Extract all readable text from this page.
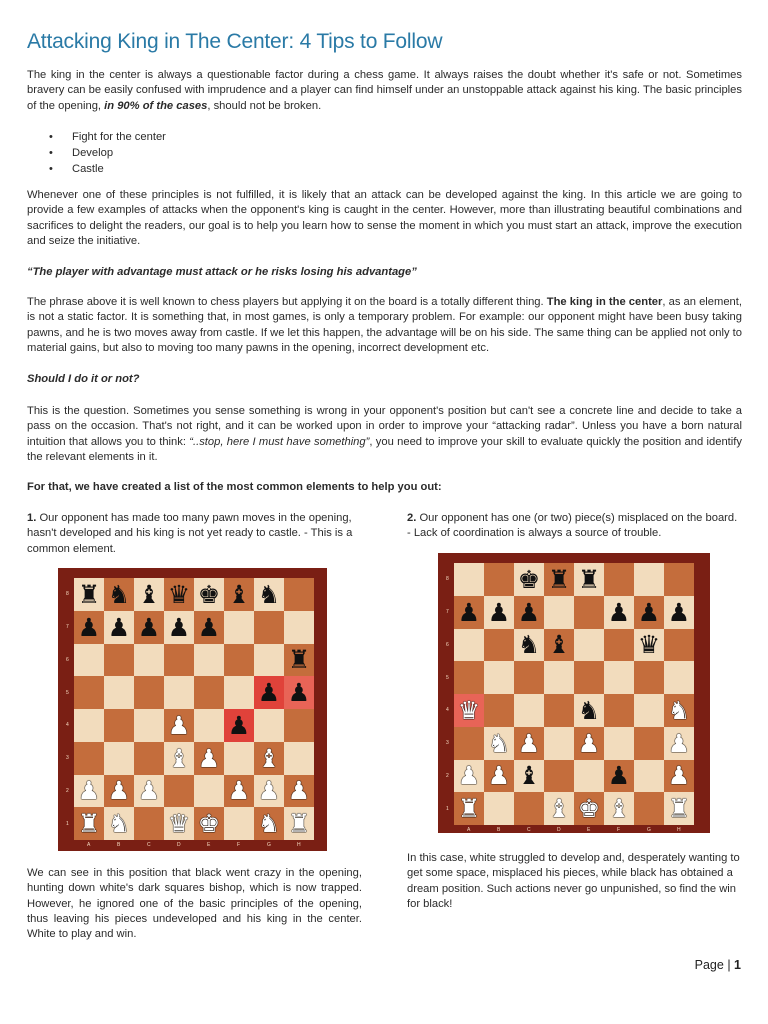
Attacking King in The Center: 4 Tips to Follow

The king in the center is always a questionable factor during a chess game. It always raises the doubt whether it's safe or not. Sometimes bravery can be easily confused with imprudence and a player can find himself under an unstoppable attack against his king. The basic principles of the opening, in 90% of the cases, should not be broken.

• Fight for the center
• Develop
• Castle

Whenever one of these principles is not fulfilled, it is likely that an attack can be developed against the king. In this article we are going to provide a few examples of attacks when the opponent's king is caught in the center. However, more than illustrating beautiful combinations and sacrifices to delight the readers, our goal is to help you learn how to sense the moment in which you must start an attack, improve the execution and seize the initiative.

“The player with advantage must attack or he risks losing his advantage”

The phrase above it is well known to chess players but applying it on the board is a totally different thing. The king in the center, as an element, is not a static factor. It is something that, in most games, is only a temporary problem. For example: our opponent might have been busy taking pawns, and he is two moves away from castle. If we let this happen, the advantage will be on his side. The same thing can be applied not only to material gains, but also to moving too many pawns in the opening, incorrect development etc.

Should I do it or not?

This is the question. Sometimes you sense something is wrong in your opponent's position but can't see a concrete line and decide to take a pass on the occasion. That's not right, and it can be worked upon in order to improve your “attacking radar”. Unless you have a born natural intuition that allows you to think: “..stop, here I must have something”, you need to improve your skill to evaluate quickly the position and identify the relevant elements in it.

For that, we have created a list of the most common elements to help you out:

1. Our opponent has made too many pawn moves in the opening, hasn't developed and his king is not yet ready to castle. - This is a common element.
♜ ♞ ♝ ♛ ♚ ♝ ♞
♟ ♟ ♟ ♟ ♟
♜
♟ ♟
♟ ♟
♝ ♟ ♝
♟ ♟ ♟	♟ ♟ ♟
♜ ♞ ♛ ♚ ♞ ♜
8
7
6
5
4
3
2
1
A	B	C	D	E	F	G	H
We can see in this position that black went crazy in the opening, hunting down white's dark squares bishop, which is now trapped. However, he ignored one of the basic principles of the opening, thus leaving his pieces undeveloped and his king in the center. White to play and win.
2. Our opponent has one (or two) piece(s) misplaced on the board. - Lack of coordination is always a source of trouble.
♚ ♜ ♜
♟ ♟ ♟	♟ ♟ ♟
♞ ♝	♛
♛	♞	♞
♞ ♟ ♟	♟
♟ ♟ ♝	♟ ♟
♜	♝ ♚ ♝ ♜
8
7
6
5
4
3
2
1
A	B	C	D	E	F	G	H
In this case, white struggled to develop and, desperately wanting to get some space, misplaced his pieces, while black has obtained a dream position. Such actions never go unpunished, so find the win for black!
Page | 1
